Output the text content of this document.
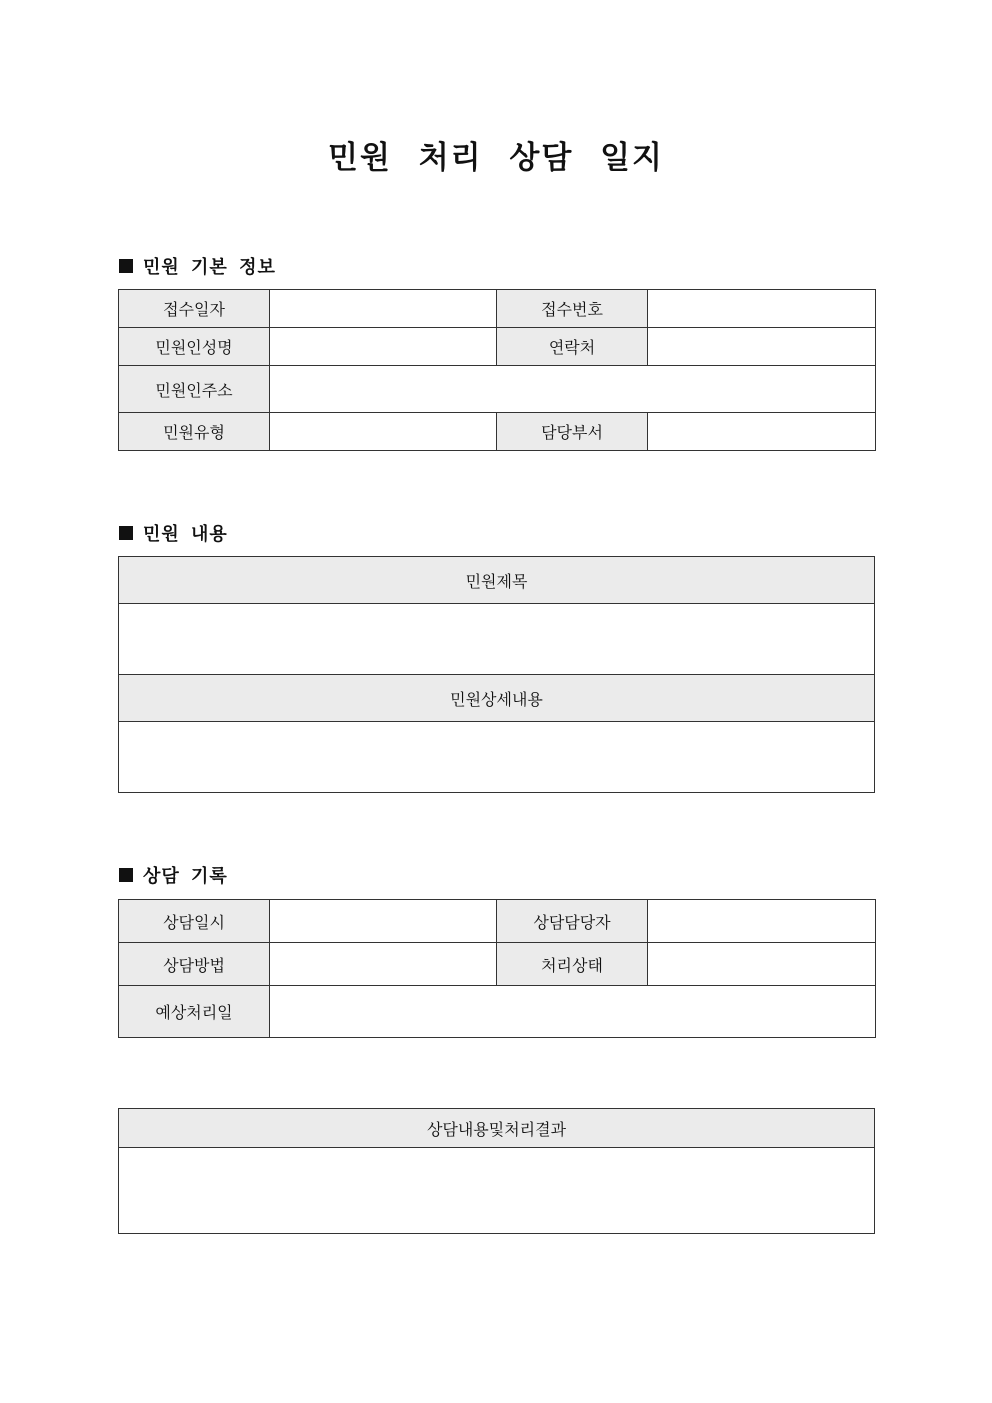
민원 처리 상담 일지
민원 기본 정보
접수일자		접수번호	
민원인성명		연락처	
민원인주소			
민원유형		담당부서	
민원 내용
민원제목

민원상세내용

상담 기록
상담일시		상담담당자	
상담방법		처리상태	
예상처리일			
상담내용및처리결과
